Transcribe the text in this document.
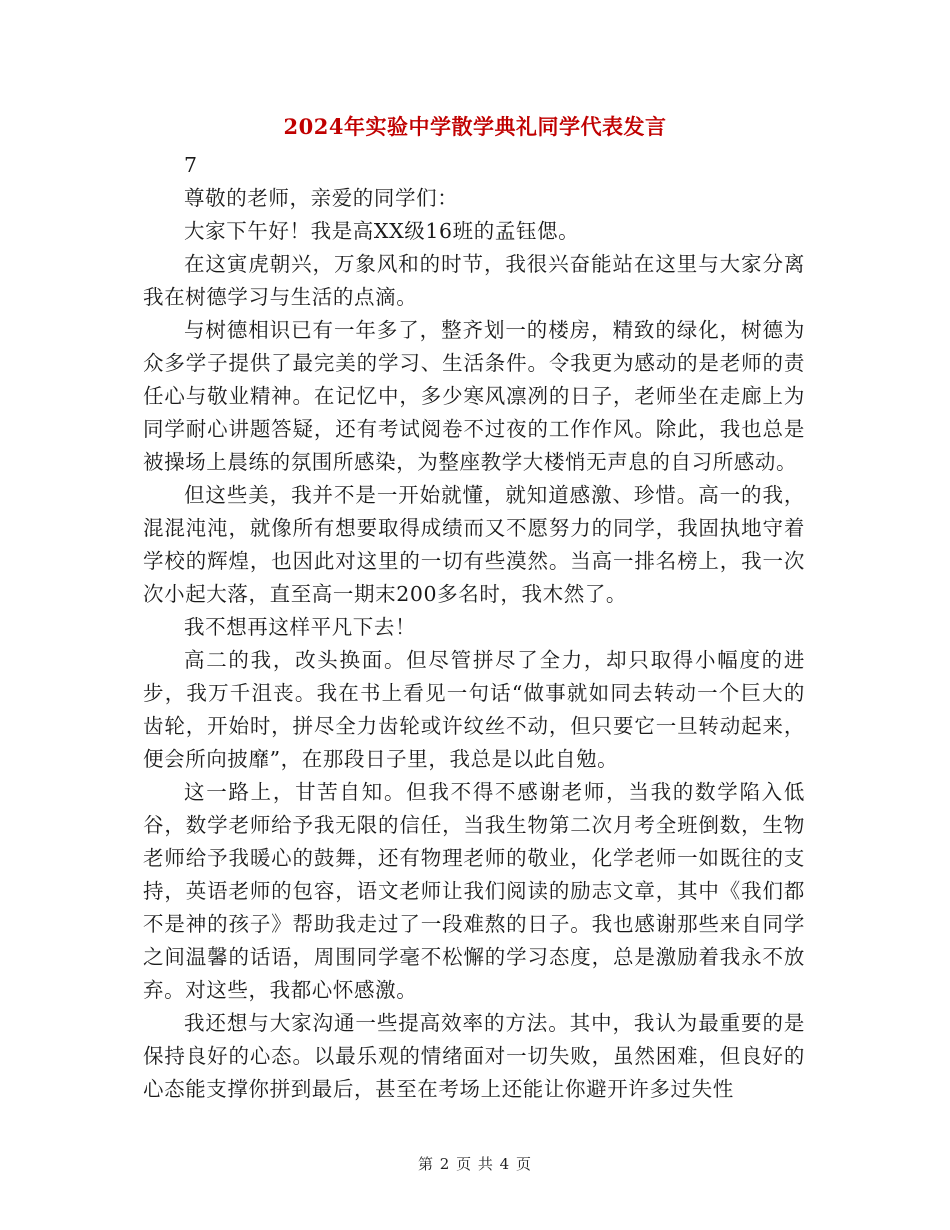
2024年实验中学散学典礼同学代表发言

7

尊敬的老师，亲爱的同学们：

大家下午好！我是高XX级16班的孟钰偲。

在这寅虎朝兴，万象风和的时节，我很兴奋能站在这里与大家分离我在树德学习与生活的点滴。

与树德相识已有一年多了，整齐划一的楼房，精致的绿化，树德为众多学子提供了最完美的学习、生活条件。令我更为感动的是老师的责任心与敬业精神。在记忆中，多少寒风凛冽的日子，老师坐在走廊上为同学耐心讲题答疑，还有考试阅卷不过夜的工作作风。除此，我也总是被操场上晨练的氛围所感染，为整座教学大楼悄无声息的自习所感动。

但这些美，我并不是一开始就懂，就知道感激、珍惜。高一的我，混混沌沌，就像所有想要取得成绩而又不愿努力的同学，我固执地守着学校的辉煌，也因此对这里的一切有些漠然。当高一排名榜上，我一次次小起大落，直至高一期末200多名时，我木然了。

我不想再这样平凡下去！

高二的我，改头换面。但尽管拼尽了全力，却只取得小幅度的进步，我万千沮丧。我在书上看见一句话“做事就如同去转动一个巨大的齿轮，开始时，拼尽全力齿轮或许纹丝不动，但只要它一旦转动起来，便会所向披靡”，在那段日子里，我总是以此自勉。

这一路上，甘苦自知。但我不得不感谢老师，当我的数学陷入低谷，数学老师给予我无限的信任，当我生物第二次月考全班倒数，生物老师给予我暖心的鼓舞，还有物理老师的敬业，化学老师一如既往的支持，英语老师的包容，语文老师让我们阅读的励志文章，其中《我们都不是神的孩子》帮助我走过了一段难熬的日子。我也感谢那些来自同学之间温馨的话语，周围同学毫不松懈的学习态度，总是激励着我永不放弃。对这些，我都心怀感激。

我还想与大家沟通一些提高效率的方法。其中，我认为最重要的是保持良好的心态。以最乐观的情绪面对一切失败，虽然困难，但良好的心态能支撑你拼到最后，甚至在考场上还能让你避开许多过失性

第 2 页 共 4 页
